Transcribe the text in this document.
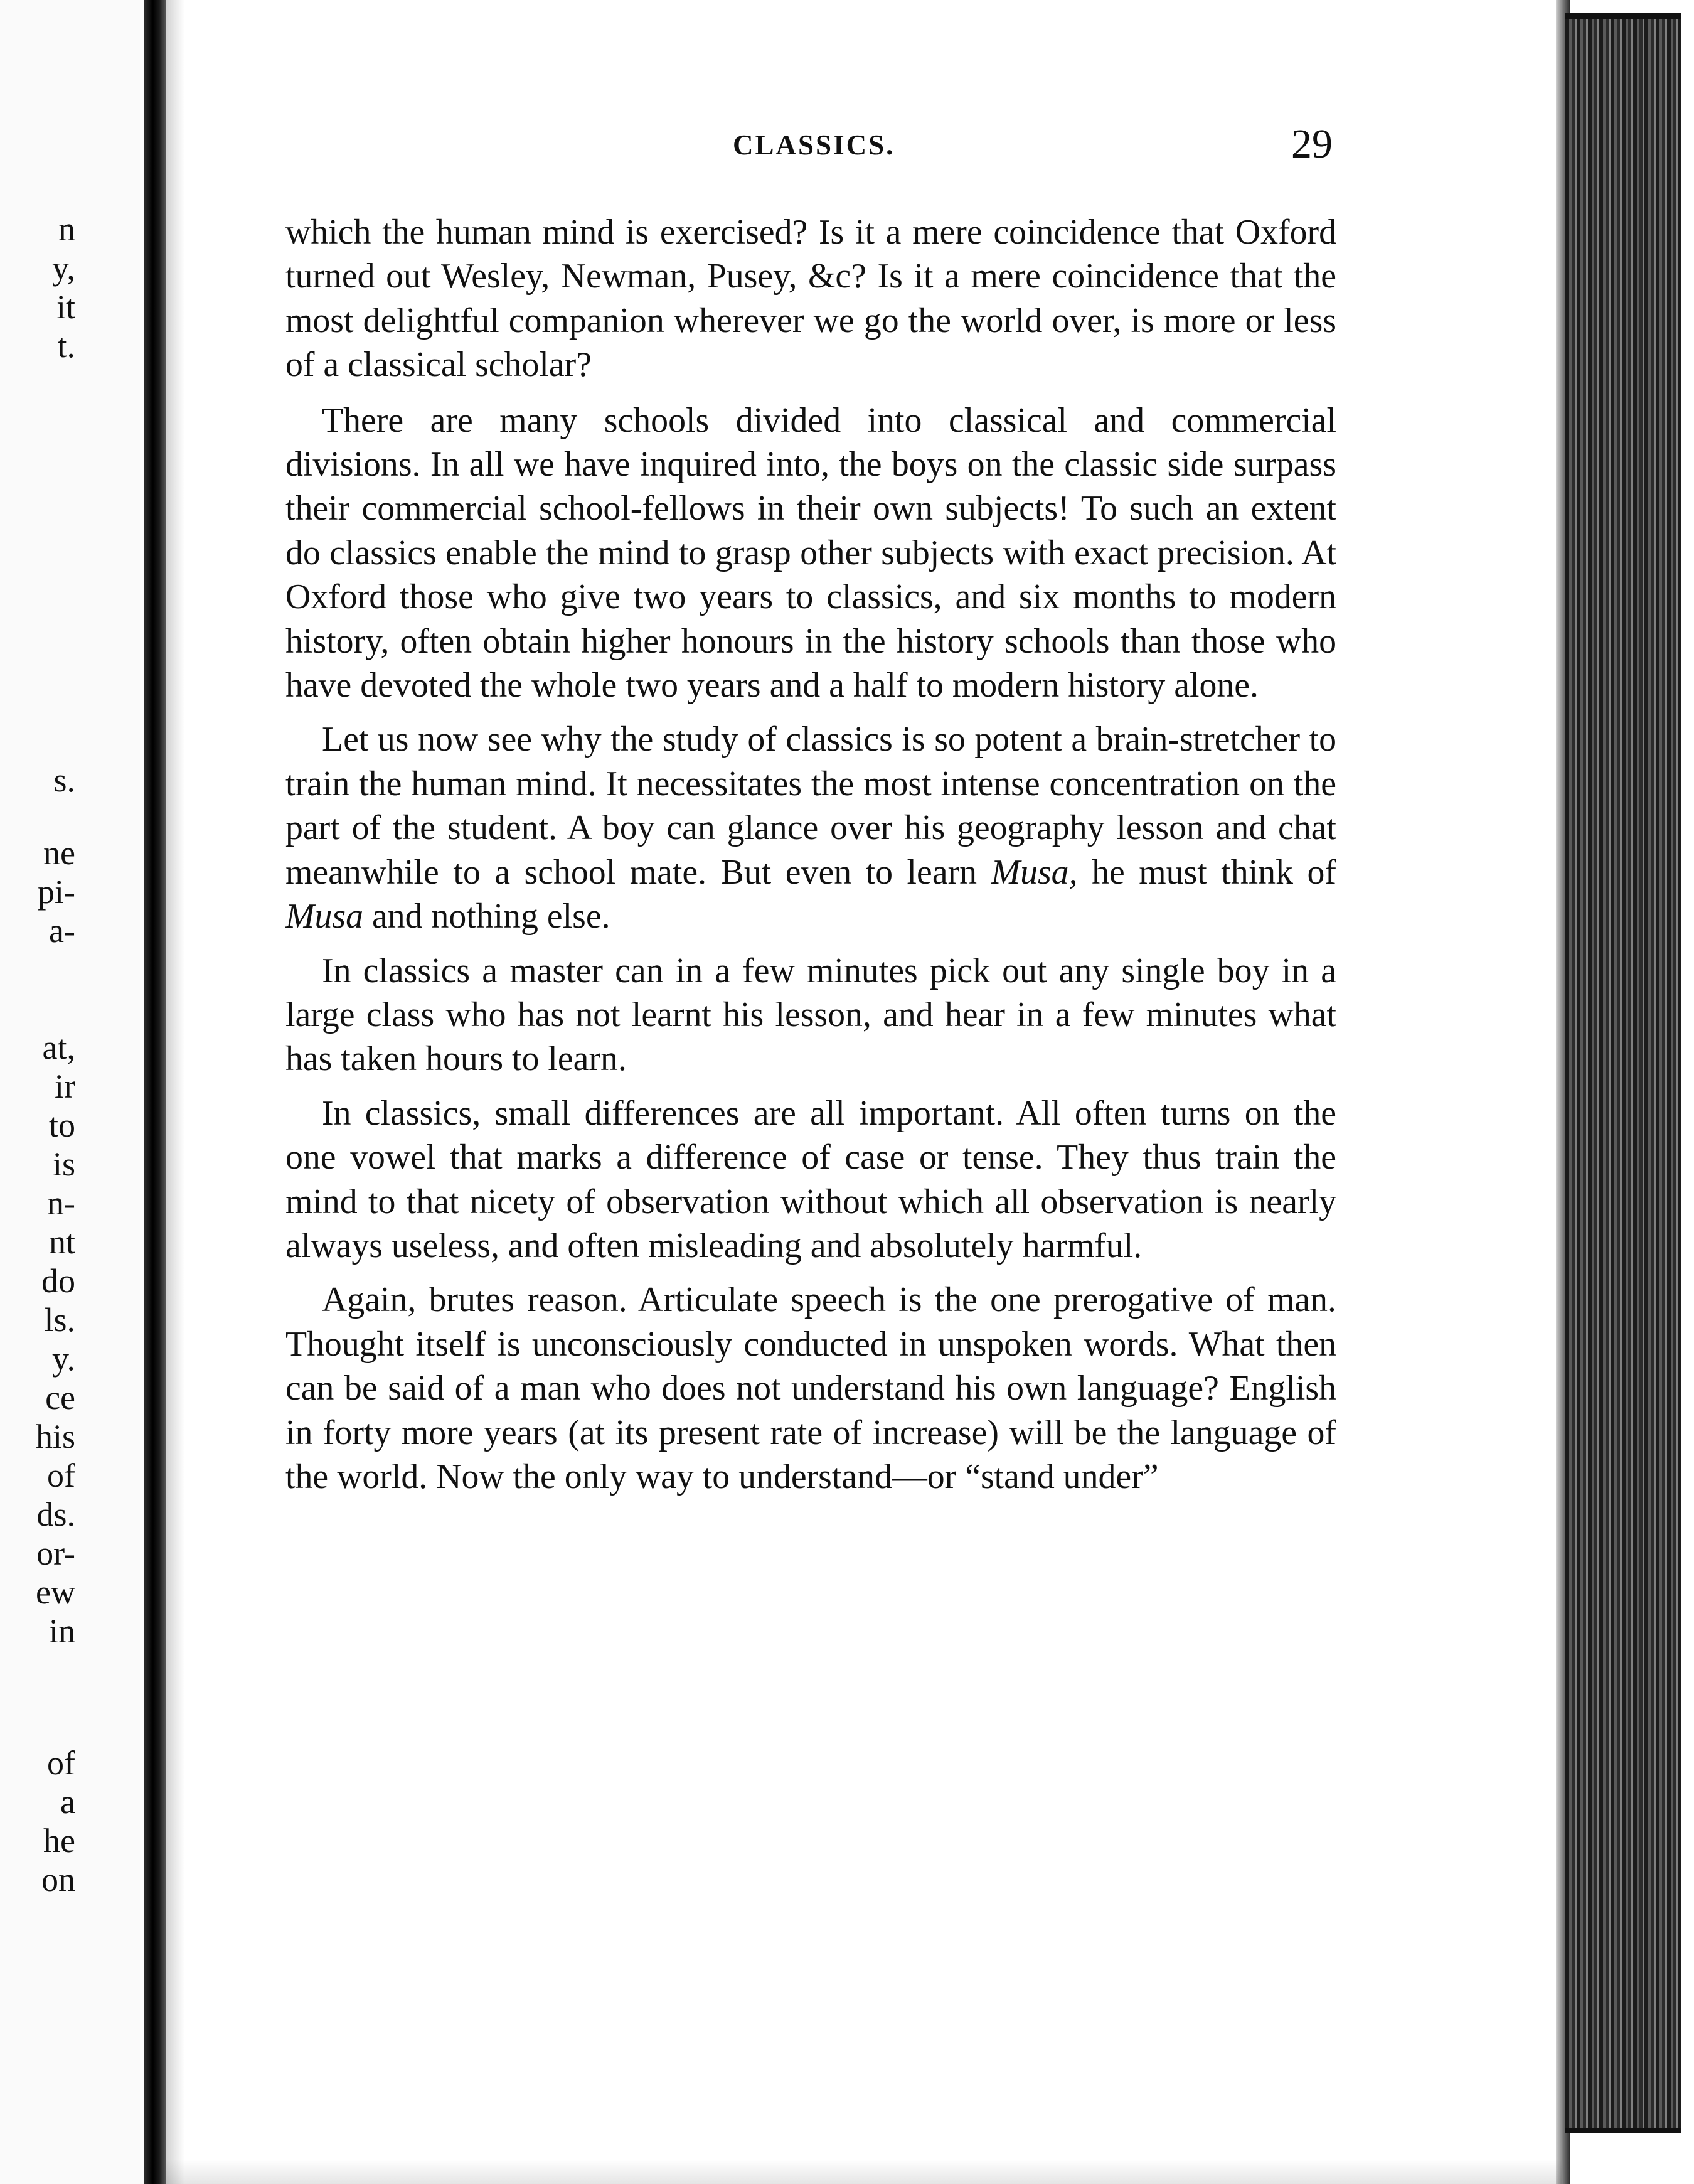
n
y,
it
t.
s.
ne
pi-
a-
at,
ir
to
is
n-
nt
do
ls.
y.
ce
his
of
ds.
or-
ew
in
of
a
he
on
CLASSICS.	29

which the human mind is exercised? Is it a mere coincidence that Oxford turned out Wesley, Newman, Pusey, &c? Is it a mere coincidence that the most delightful companion wherever we go the world over, is more or less of a classical scholar?

There are many schools divided into classical and commercial divisions. In all we have inquired into, the boys on the classic side surpass their commercial school-fellows in their own subjects! To such an extent do classics enable the mind to grasp other subjects with exact precision. At Oxford those who give two years to classics, and six months to modern history, often obtain higher honours in the history schools than those who have devoted the whole two years and a half to modern history alone.

Let us now see why the study of classics is so potent a brain-stretcher to train the human mind. It necessitates the most intense concentration on the part of the student. A boy can glance over his geography lesson and chat meanwhile to a school mate. But even to learn Musa, he must think of Musa and nothing else.

In classics a master can in a few minutes pick out any single boy in a large class who has not learnt his lesson, and hear in a few minutes what has taken hours to learn.

In classics, small differences are all important. All often turns on the one vowel that marks a difference of case or tense. They thus train the mind to that nicety of observation without which all observation is nearly always useless, and often misleading and absolutely harmful.

Again, brutes reason. Articulate speech is the one prerogative of man. Thought itself is unconsciously conducted in unspoken words. What then can be said of a man who does not understand his own language? English in forty more years (at its present rate of increase) will be the language of the world. Now the only way to understand—or “stand under”
